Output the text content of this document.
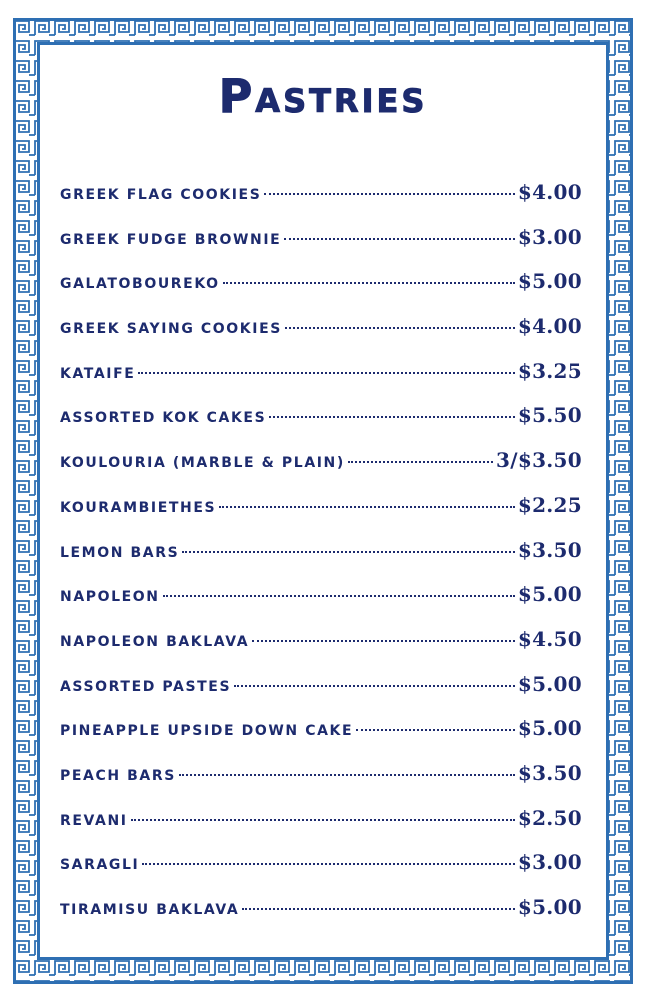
Pastries
greek flag cookies	$4.00
greek fudge brownie	$3.00
galatoboureko	$5.00
greek saying cookies	$4.00
kataife	$3.25
assorted kok cakes	$5.50
koulouria (marble & plain)	3/$3.50
kourambiethes	$2.25
lemon bars	$3.50
napoleon	$5.00
napoleon baklava	$4.50
assorted pastes	$5.00
pineapple upside down cake	$5.00
peach bars	$3.50
revani	$2.50
saragli	$3.00
tiramisu baklava	$5.00
